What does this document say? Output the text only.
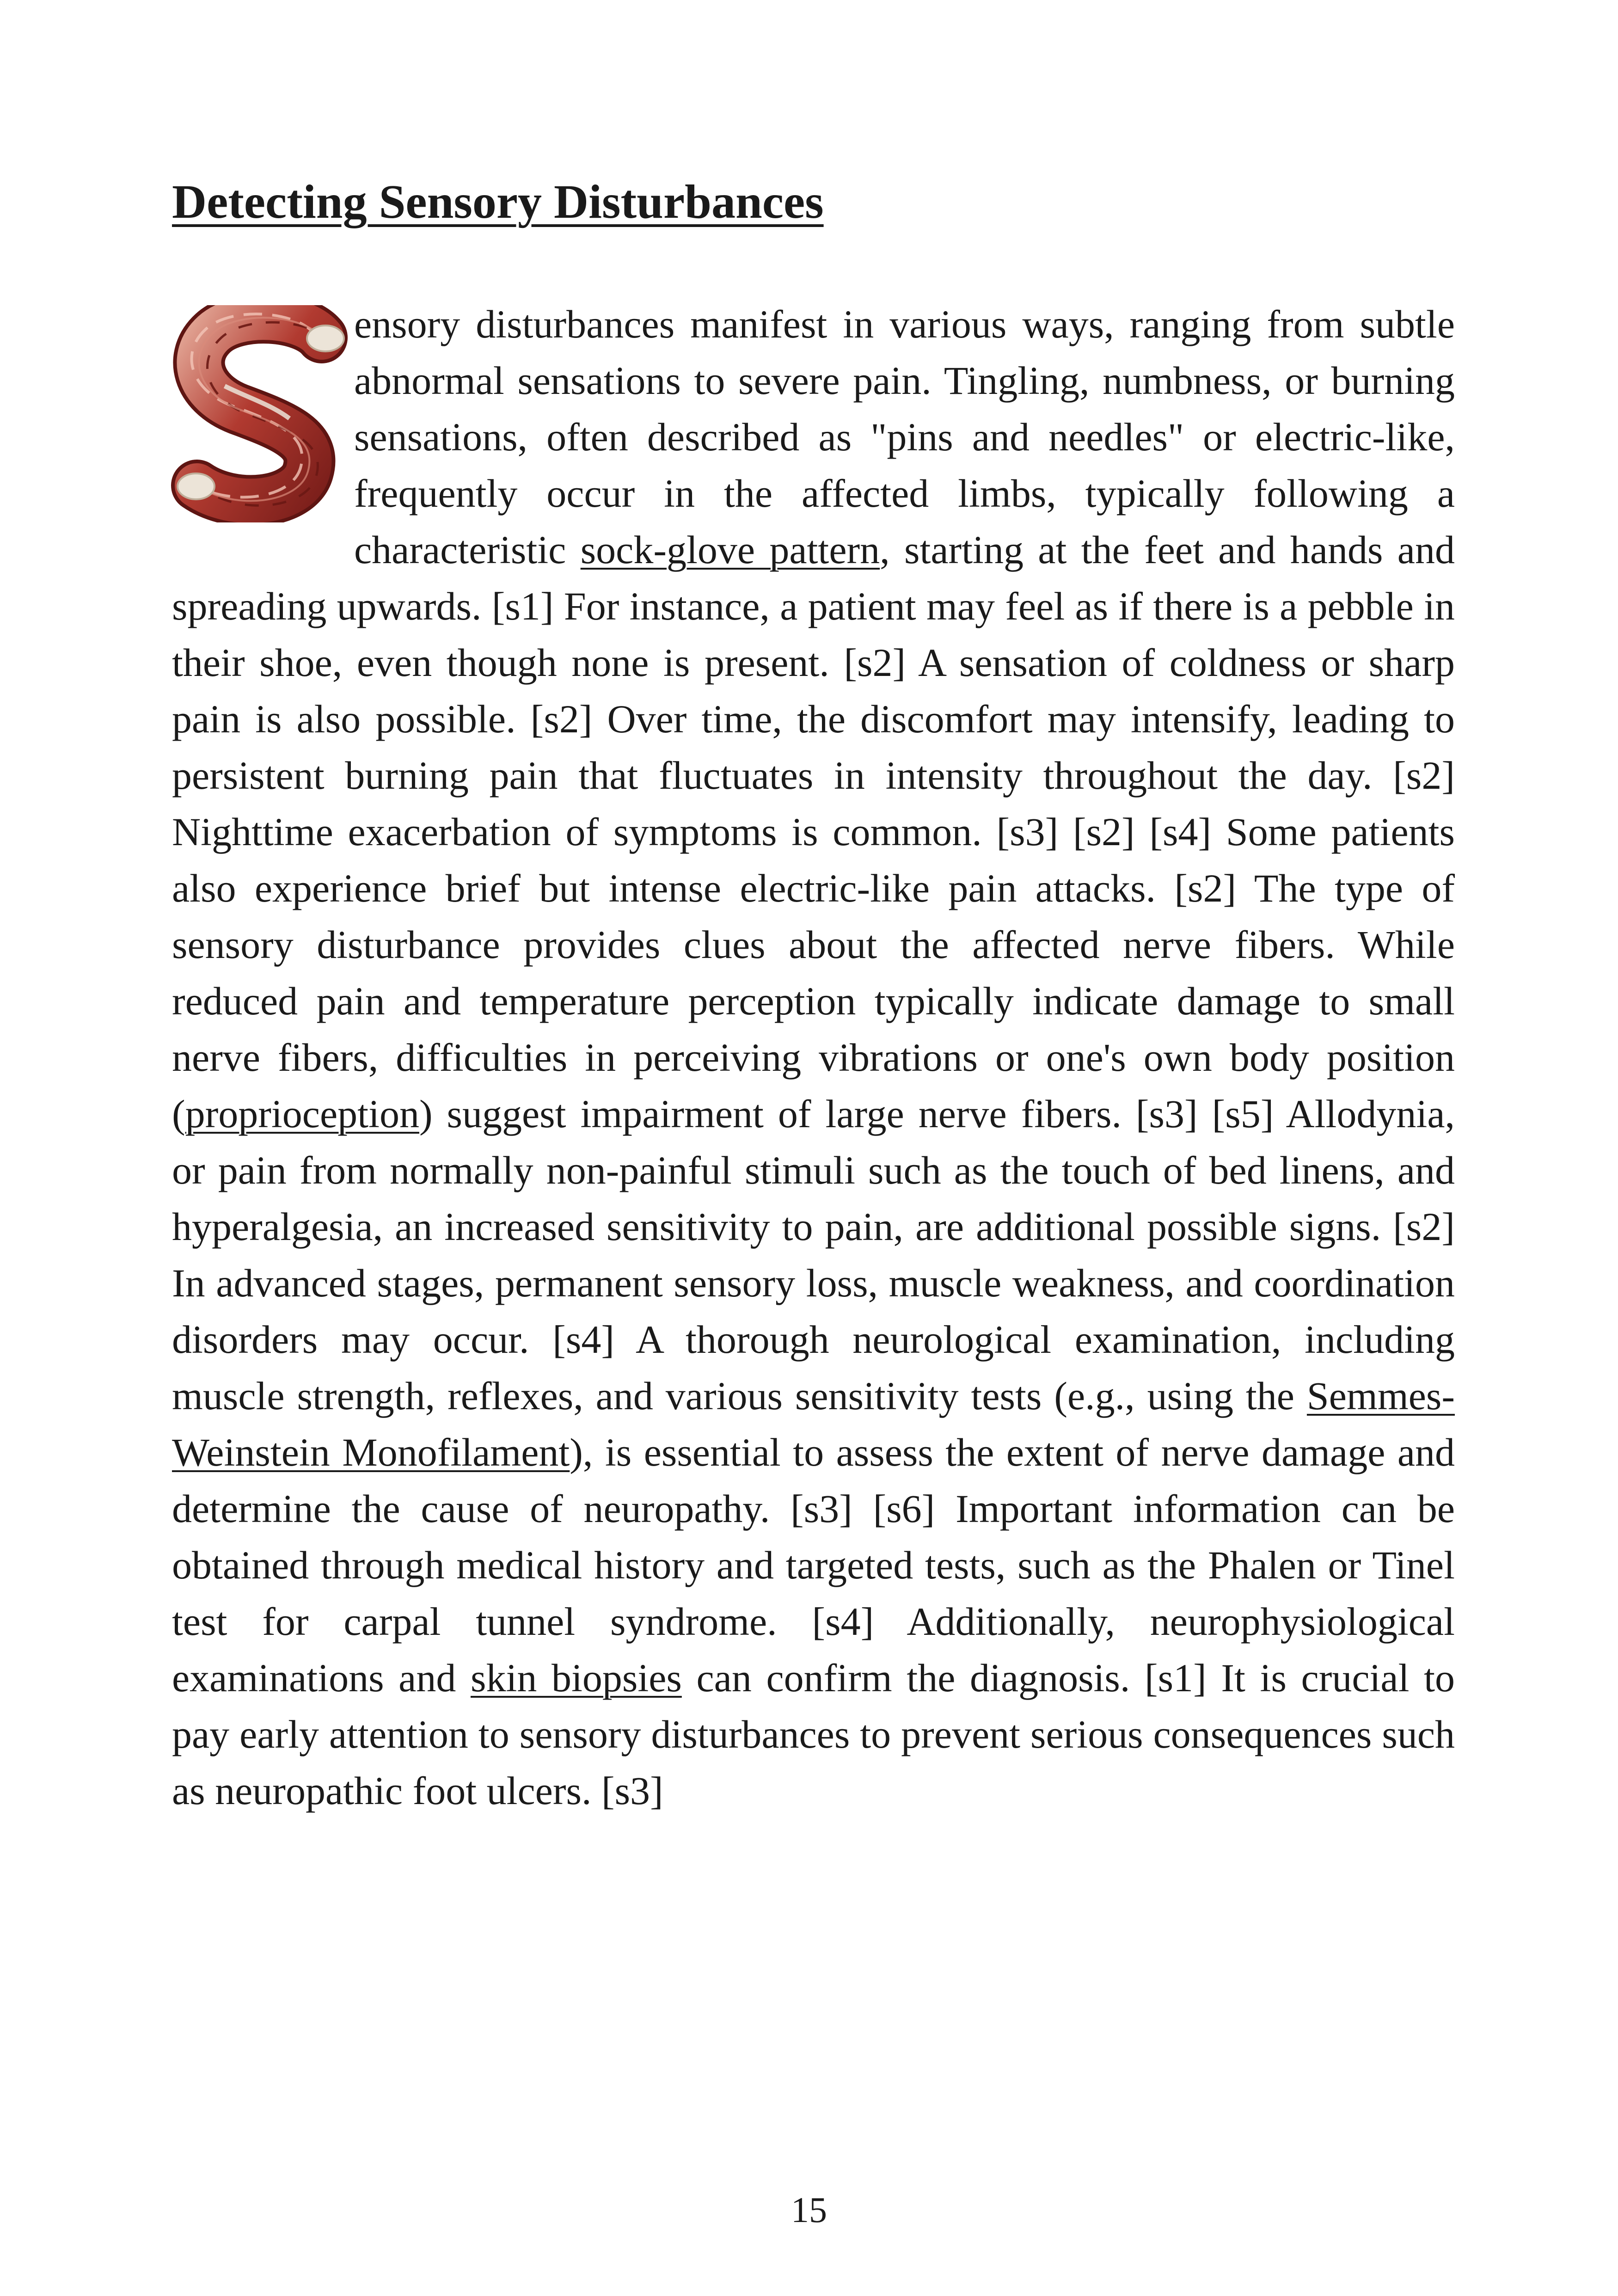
Detecting Sensory Disturbances

ensory disturbances manifest in various ways, ranging from subtle abnormal sensations to severe pain. Tingling, numbness, or burning sensations, often described as "pins and needles" or electric-like, frequently occur in the affected limbs, typically following a characteristic sock-glove pattern, starting at the feet and hands and spreading upwards. [s1] For instance, a patient may feel as if there is a pebble in their shoe, even though none is present. [s2] A sensation of coldness or sharp pain is also possible. [s2] Over time, the discomfort may intensify, leading to persistent burning pain that fluctuates in intensity throughout the day. [s2] Nighttime exacerbation of symptoms is common. [s3] [s2] [s4] Some patients also experience brief but intense electric-like pain attacks. [s2] The type of sensory disturbance provides clues about the affected nerve fibers. While reduced pain and temperature perception typically indicate damage to small nerve fibers, difficulties in perceiving vibrations or one's own body position (proprioception) suggest impairment of large nerve fibers. [s3] [s5] Allodynia, or pain from normally non-painful stimuli such as the touch of bed linens, and hyperalgesia, an increased sensitivity to pain, are additional possible signs. [s2] In advanced stages, permanent sensory loss, muscle weakness, and coordination disorders may occur. [s4] A thorough neurological examination, including muscle strength, reflexes, and various sensitivity tests (e.g., using the Semmes-Weinstein Monofilament), is essential to assess the extent of nerve damage and determine the cause of neuropathy. [s3] [s6] Important information can be obtained through medical history and targeted tests, such as the Phalen or Tinel test for carpal tunnel syndrome. [s4] Additionally, neurophysiological examinations and skin biopsies can confirm the diagnosis. [s1] It is crucial to pay early attention to sensory disturbances to prevent serious consequences such as neuropathic foot ulcers. [s3]

15
